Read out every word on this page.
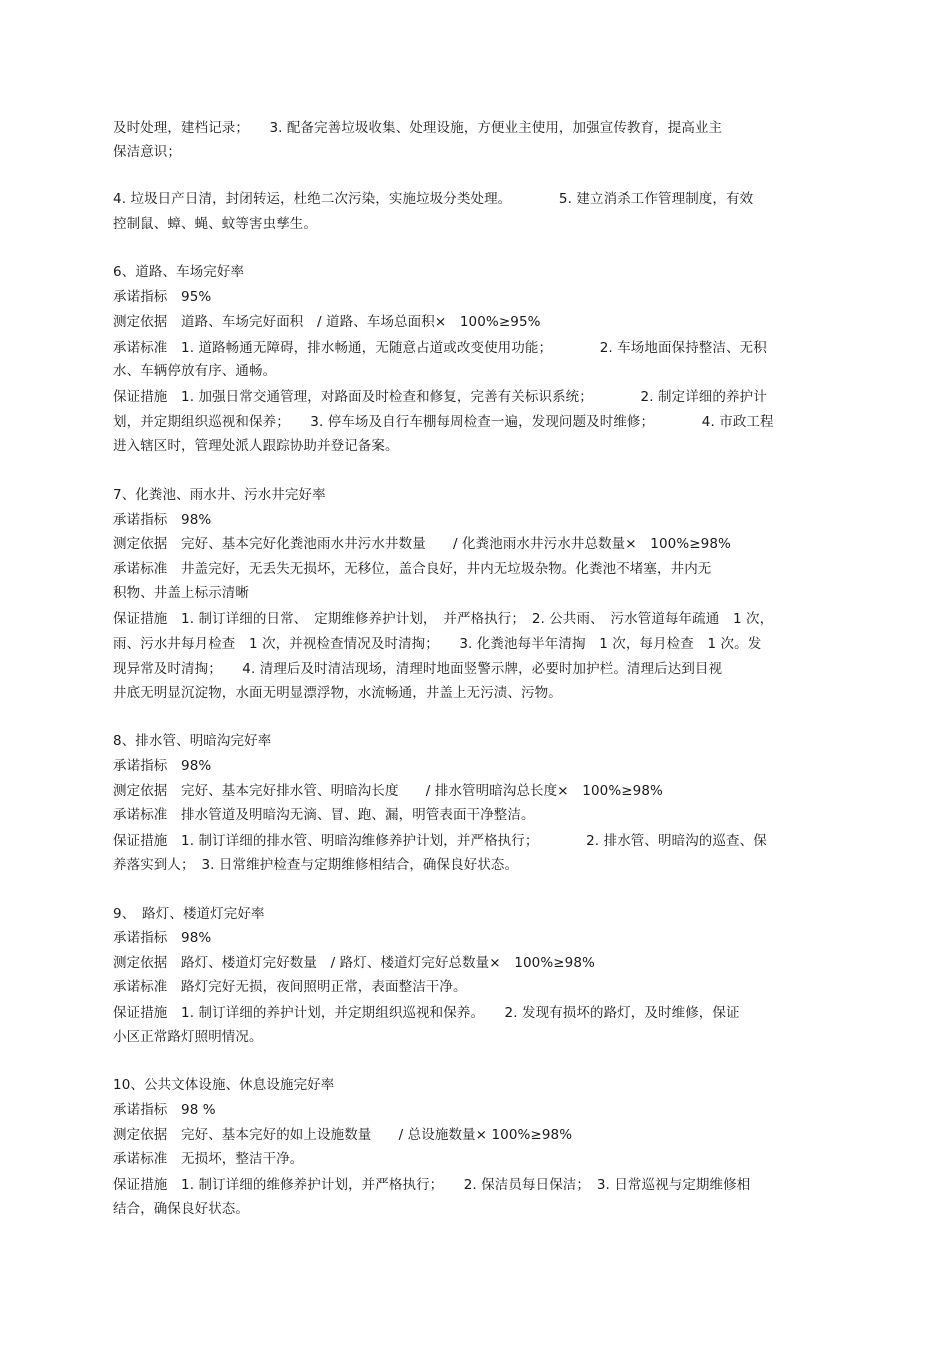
及时处理，建档记录；　　3. 配备完善垃圾收集、处理设施，方便业主使用，加强宣传教育，提高业主
保洁意识；
4. 垃圾日产日清，封闭转运，杜绝二次污染，实施垃圾分类处理。　　　　5. 建立消杀工作管理制度，有效
控制鼠、蟑、蝇、蚊等害虫孳生。
6、道路、车场完好率
承诺指标　95%
测定依据　道路、车场完好面积　/ 道路、车场总面积×　100%≥95%
承诺标准　1. 道路畅通无障碍，排水畅通，无随意占道或改变使用功能；　　　　2. 车场地面保持整洁、无积
水、车辆停放有序、通畅。
保证措施　1. 加强日常交通管理，对路面及时检查和修复，完善有关标识系统；　　　　2. 制定详细的养护计
划，并定期组织巡视和保养；　　3. 停车场及自行车棚每周检查一遍，发现问题及时维修；　　　　4. 市政工程
进入辖区时，管理处派人跟踪协助并登记备案。
7、化粪池、雨水井、污水井完好率
承诺指标　98%
测定依据　完好、基本完好化粪池雨水井污水井数量　　/ 化粪池雨水井污水井总数量×　100%≥98%
承诺标准　井盖完好，无丢失无损坏，无移位，盖合良好，井内无垃圾杂物。化粪池不堵塞，井内无
积物、井盖上标示清晰
保证措施　1. 制订详细的日常、　定期维修养护计划，　并严格执行；　2. 公共雨、　污水管道每年疏通　1 次，
雨、污水井每月检查　1 次，并视检查情况及时清掏；　　3. 化粪池每半年清掏　1 次，每月检查　1 次。发
现异常及时清掏；　　4. 清理后及时清洁现场，清理时地面竖警示牌，必要时加护栏。清理后达到目视
井底无明显沉淀物，水面无明显漂浮物，水流畅通，井盖上无污渍、污物。
8、排水管、明暗沟完好率
承诺指标　98%
测定依据　完好、基本完好排水管、明暗沟长度　　/ 排水管明暗沟总长度×　100%≥98%
承诺标准　排水管道及明暗沟无滴、冒、跑、漏，明管表面干净整洁。
保证措施　1. 制订详细的排水管、明暗沟维修养护计划，并严格执行；　　　　2. 排水管、明暗沟的巡查、保
养落实到人；　3. 日常维护检查与定期维修相结合，确保良好状态。
9、　路灯、楼道灯完好率
承诺指标　98%
测定依据　路灯、楼道灯完好数量　/ 路灯、楼道灯完好总数量×　100%≥98%
承诺标准　路灯完好无损，夜间照明正常，表面整洁干净。
保证措施　1. 制订详细的养护计划，并定期组织巡视和保养。　　2. 发现有损坏的路灯，及时维修，保证
小区正常路灯照明情况。
10、公共文体设施、休息设施完好率
承诺指标　98 %
测定依据　完好、基本完好的如上设施数量　　/ 总设施数量× 100%≥98%
承诺标准　无损坏，整洁干净。
保证措施　1. 制订详细的维修养护计划，并严格执行；　　2. 保洁员每日保洁；　3. 日常巡视与定期维修相
结合，确保良好状态。
